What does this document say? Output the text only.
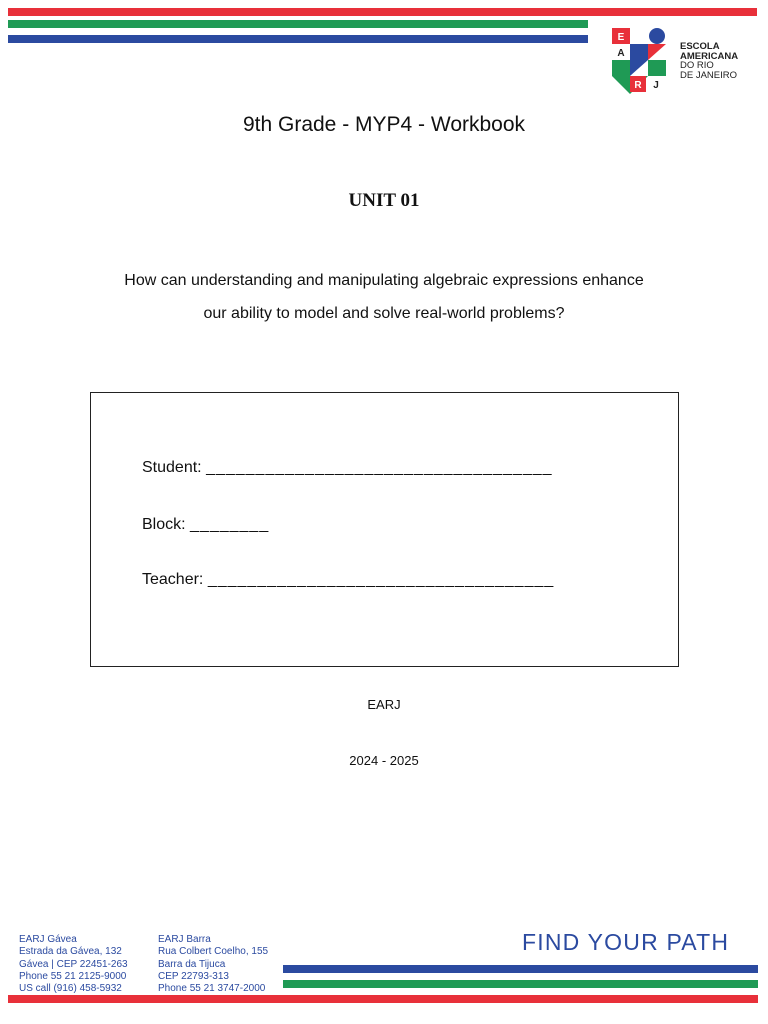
E
A
R J
ESCOLA
AMERICANA
DO RIO
DE JANEIRO
9th Grade - MYP4 - Workbook
UNIT 01
How can understanding and manipulating algebraic expressions enhance
our ability to model and solve real-world problems?
Student: ___________________________________
Block: ________
Teacher: ___________________________________
EARJ
2024 - 2025
EARJ Gávea
Estrada da Gávea, 132
Gávea | CEP 22451-263
Phone 55 21 2125-9000
US call (916) 458-5932
EARJ Barra
Rua Colbert Coelho, 155
Barra da Tijuca
CEP 22793-313
Phone 55 21 3747-2000
FIND YOUR PATH
